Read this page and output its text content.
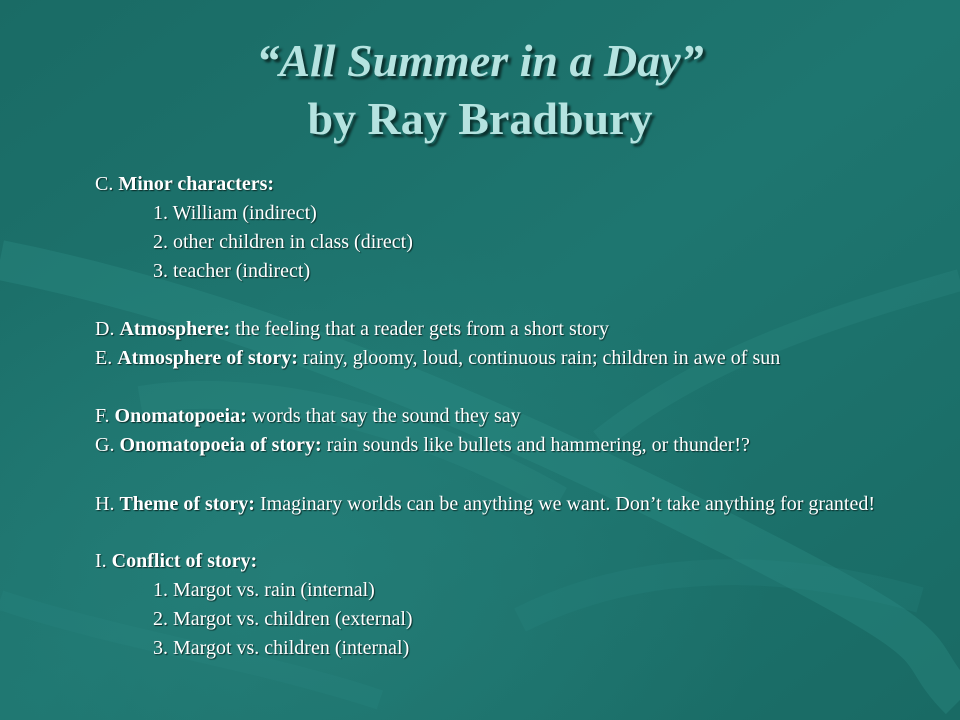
“All Summer in a Day”
by Ray Bradbury

C. Minor characters:

1. William (indirect)

2. other children in class (direct)

3. teacher (indirect)

D. Atmosphere: the feeling that a reader gets from a short story

E. Atmosphere of story: rainy, gloomy, loud, continuous rain; children in awe of sun

F. Onomatopoeia: words that say the sound they say

G. Onomatopoeia of story: rain sounds like bullets and hammering, or thunder!?

H. Theme of story: Imaginary worlds can be anything we want. Don’t take anything for granted!

I. Conflict of story:

1. Margot vs. rain (internal)

2. Margot vs. children (external)

3. Margot vs. children (internal)
